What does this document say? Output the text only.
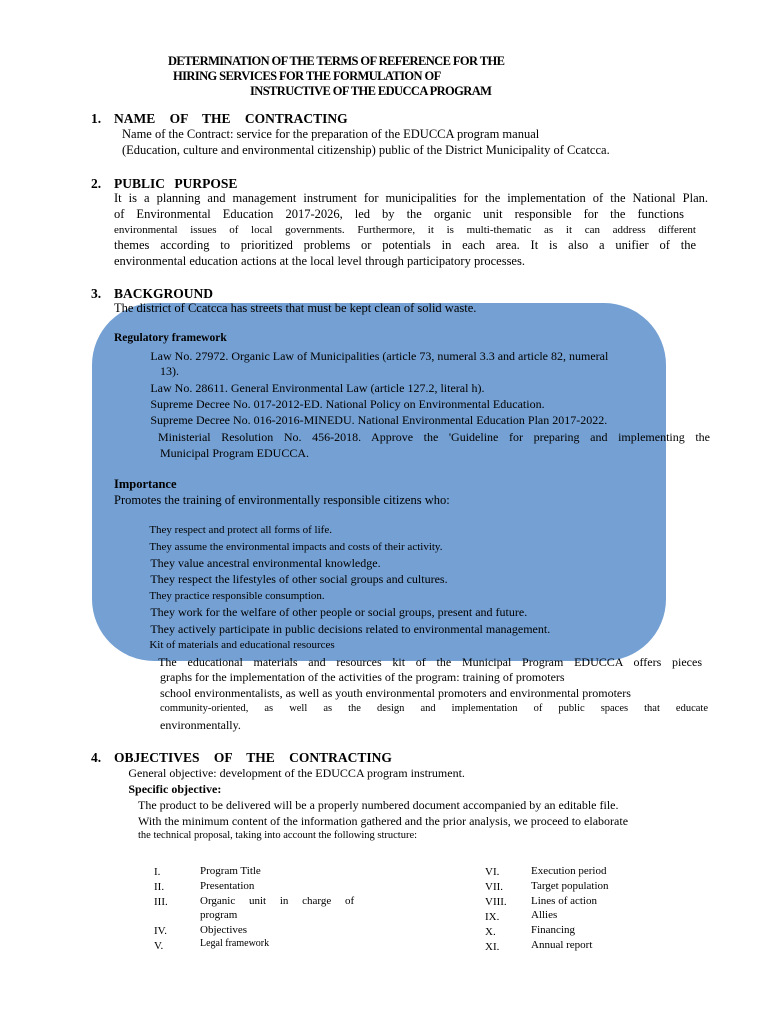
DETERMINATION OF THE TERMS OF REFERENCE FOR THE
HIRING SERVICES FOR THE FORMULATION OF
INSTRUCTIVE OF THE EDUCCA PROGRAM
1. NAME OF THE CONTRACTING
Name of the Contract: service for the preparation of the EDUCCA program manual
(Education, culture and environmental citizenship) public of the District Municipality of Ccatcca.
2. PUBLIC PURPOSE
It is a planning and management instrument for municipalities for the implementation of the National Plan.
of Environmental Education 2017-2026, led by the organic unit responsible for the functions
environmental issues of local governments. Furthermore, it is multi-thematic as it can address different
themes according to prioritized problems or potentials in each area. It is also a unifier of the
environmental education actions at the local level through participatory processes.
3. BACKGROUND
The district of Ccatcca has streets that must be kept clean of solid waste.
Regulatory framework
Law No. 27972. Organic Law of Municipalities (article 73, numeral 3.3 and article 82, numeral
13).
Law No. 28611. General Environmental Law (article 127.2, literal h).
Supreme Decree No. 017-2012-ED. National Policy on Environmental Education.
Supreme Decree No. 016-2016-MINEDU. National Environmental Education Plan 2017-2022.
Ministerial Resolution No. 456-2018. Approve the 'Guideline for preparing and implementing the
Municipal Program EDUCCA.
Importance
Promotes the training of environmentally responsible citizens who:
They respect and protect all forms of life.
They assume the environmental impacts and costs of their activity.
They value ancestral environmental knowledge.
They respect the lifestyles of other social groups and cultures.
They practice responsible consumption.
They work for the welfare of other people or social groups, present and future.
They actively participate in public decisions related to environmental management.
Kit of materials and educational resources
The educational materials and resources kit of the Municipal Program EDUCCA offers pieces
graphs for the implementation of the activities of the program: training of promoters
school environmentalists, as well as youth environmental promoters and environmental promoters
community-oriented, as well as the design and implementation of public spaces that educate
environmentally.
4. OBJECTIVES OF THE CONTRACTING
General objective: development of the EDUCCA program instrument.
Specific objective:
The product to be delivered will be a properly numbered document accompanied by an editable file.
With the minimum content of the information gathered and the prior analysis, we proceed to elaborate
the technical proposal, taking into account the following structure:
I.	Program Title
II.	Presentation
III.	Organic unit in charge of
program
IV.	Objectives
V.	Legal framework
VI.	Execution period
VII.	Target population
VIII. Lines of action
IX.	Allies
X.	Financing
XI.	Annual report
